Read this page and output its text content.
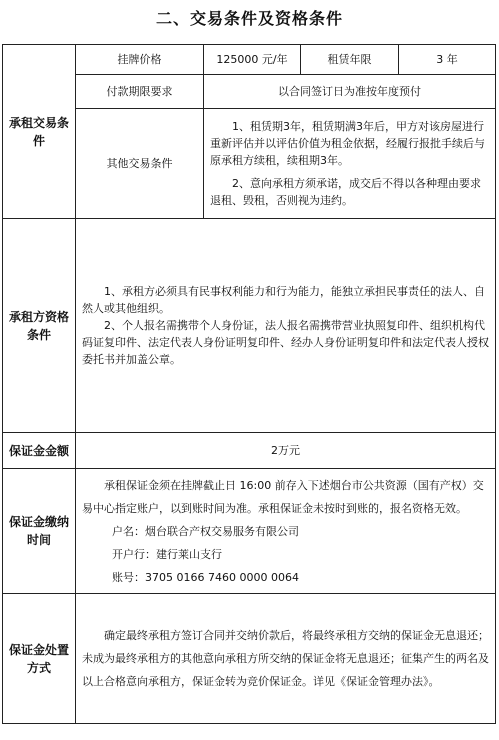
二、交易条件及资格条件
承租交易条件	挂牌价格	125000 元/年	租赁年限	3 年
	付款期限要求	以合同签订日为准按年度预付		
	其他交易条件	1、租赁期3年，租赁期满3年后，甲方对该房屋进行重新评估并以评估价值为租金依据，经履行报批手续后与原承租方续租，续租期3年。

2、意向承租方须承诺，成交后不得以各种理由要求退租、毁租，否则视为违约。		

承租方资格条件	1、承租方必须具有民事权利能力和行为能力，能独立承担民事责任的法人、自然人或其他组织。

2、个人报名需携带个人身份证，法人报名需携带营业执照复印件、组织机构代码证复印件、法定代表人身份证明复印件、经办人身份证明复印件和法定代表人授权委托书并加盖公章。			

保证金金额	2万元			
保证金缴纳时间	承租保证金须在挂牌截止日 16:00 前存入下述烟台市公共资源（国有产权）交易中心指定账户，以到账时间为准。承租保证金未按时到账的，报名资格无效。

户名：烟台联合产权交易服务有限公司

开户行：建行莱山支行

账号：3705 0166 7460 0000 0064			

保证金处置方式	确定最终承租方签订合同并交纳价款后，将最终承租方交纳的保证金无息退还；未成为最终承租方的其他意向承租方所交纳的保证金将无息退还；征集产生的两名及以上合格意向承租方，保证金转为竞价保证金。详见《保证金管理办法》。			
